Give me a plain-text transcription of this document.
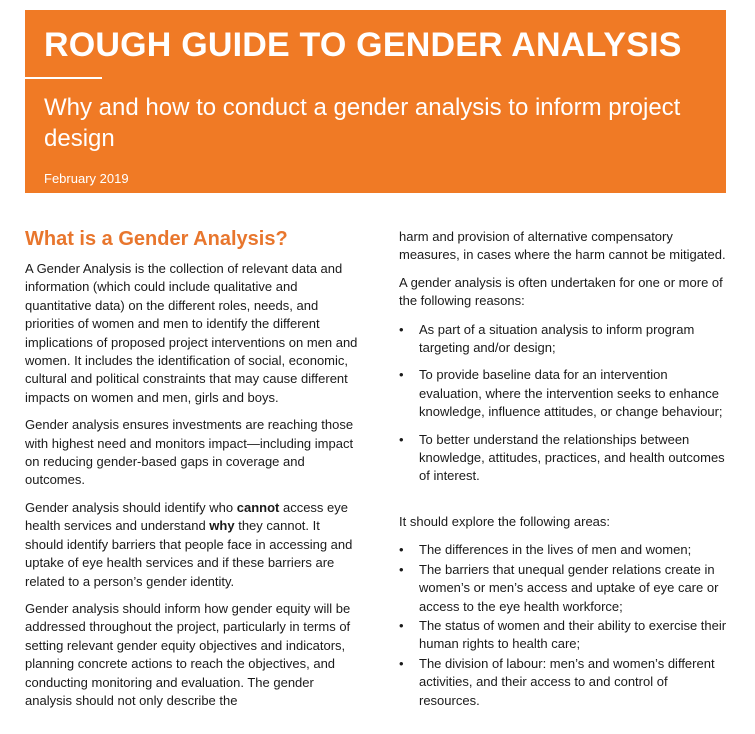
ROUGH GUIDE TO GENDER ANALYSIS
Why and how to conduct a gender analysis to inform project design
February 2019
What is a Gender Analysis?

A Gender Analysis is the collection of relevant data and information (which could include qualitative and quantitative data) on the different roles, needs, and priorities of women and men to identify the different implications of proposed project interventions on men and women. It includes the identification of social, economic, cultural and political constraints that may cause different impacts on women and men, girls and boys.

Gender analysis ensures investments are reaching those with highest need and monitors impact—including impact on reducing gender-based gaps in coverage and outcomes.

Gender analysis should identify who cannot access eye health services and understand why they cannot. It should identify barriers that people face in accessing and uptake of eye health services and if these barriers are related to a person’s gender identity.

Gender analysis should inform how gender equity will be addressed throughout the project, particularly in terms of setting relevant gender equity objectives and indicators, planning concrete actions to reach the objectives, and conducting monitoring and evaluation. The gender analysis should not only describe the

harm and provision of alternative compensatory measures, in cases where the harm cannot be mitigated.

A gender analysis is often undertaken for one or more of the following reasons:

• As part of a situation analysis to inform program targeting and/or design;
• To provide baseline data for an intervention evaluation, where the intervention seeks to enhance knowledge, influence attitudes, or change behaviour;
• To better understand the relationships between knowledge, attitudes, practices, and health outcomes of interest.

It should explore the following areas:

• The differences in the lives of men and women;
• The barriers that unequal gender relations create in women’s or men’s access and uptake of eye care or access to the eye health workforce;
• The status of women and their ability to exercise their human rights to health care;
• The division of labour: men’s and women’s different activities, and their access to and control of resources.
